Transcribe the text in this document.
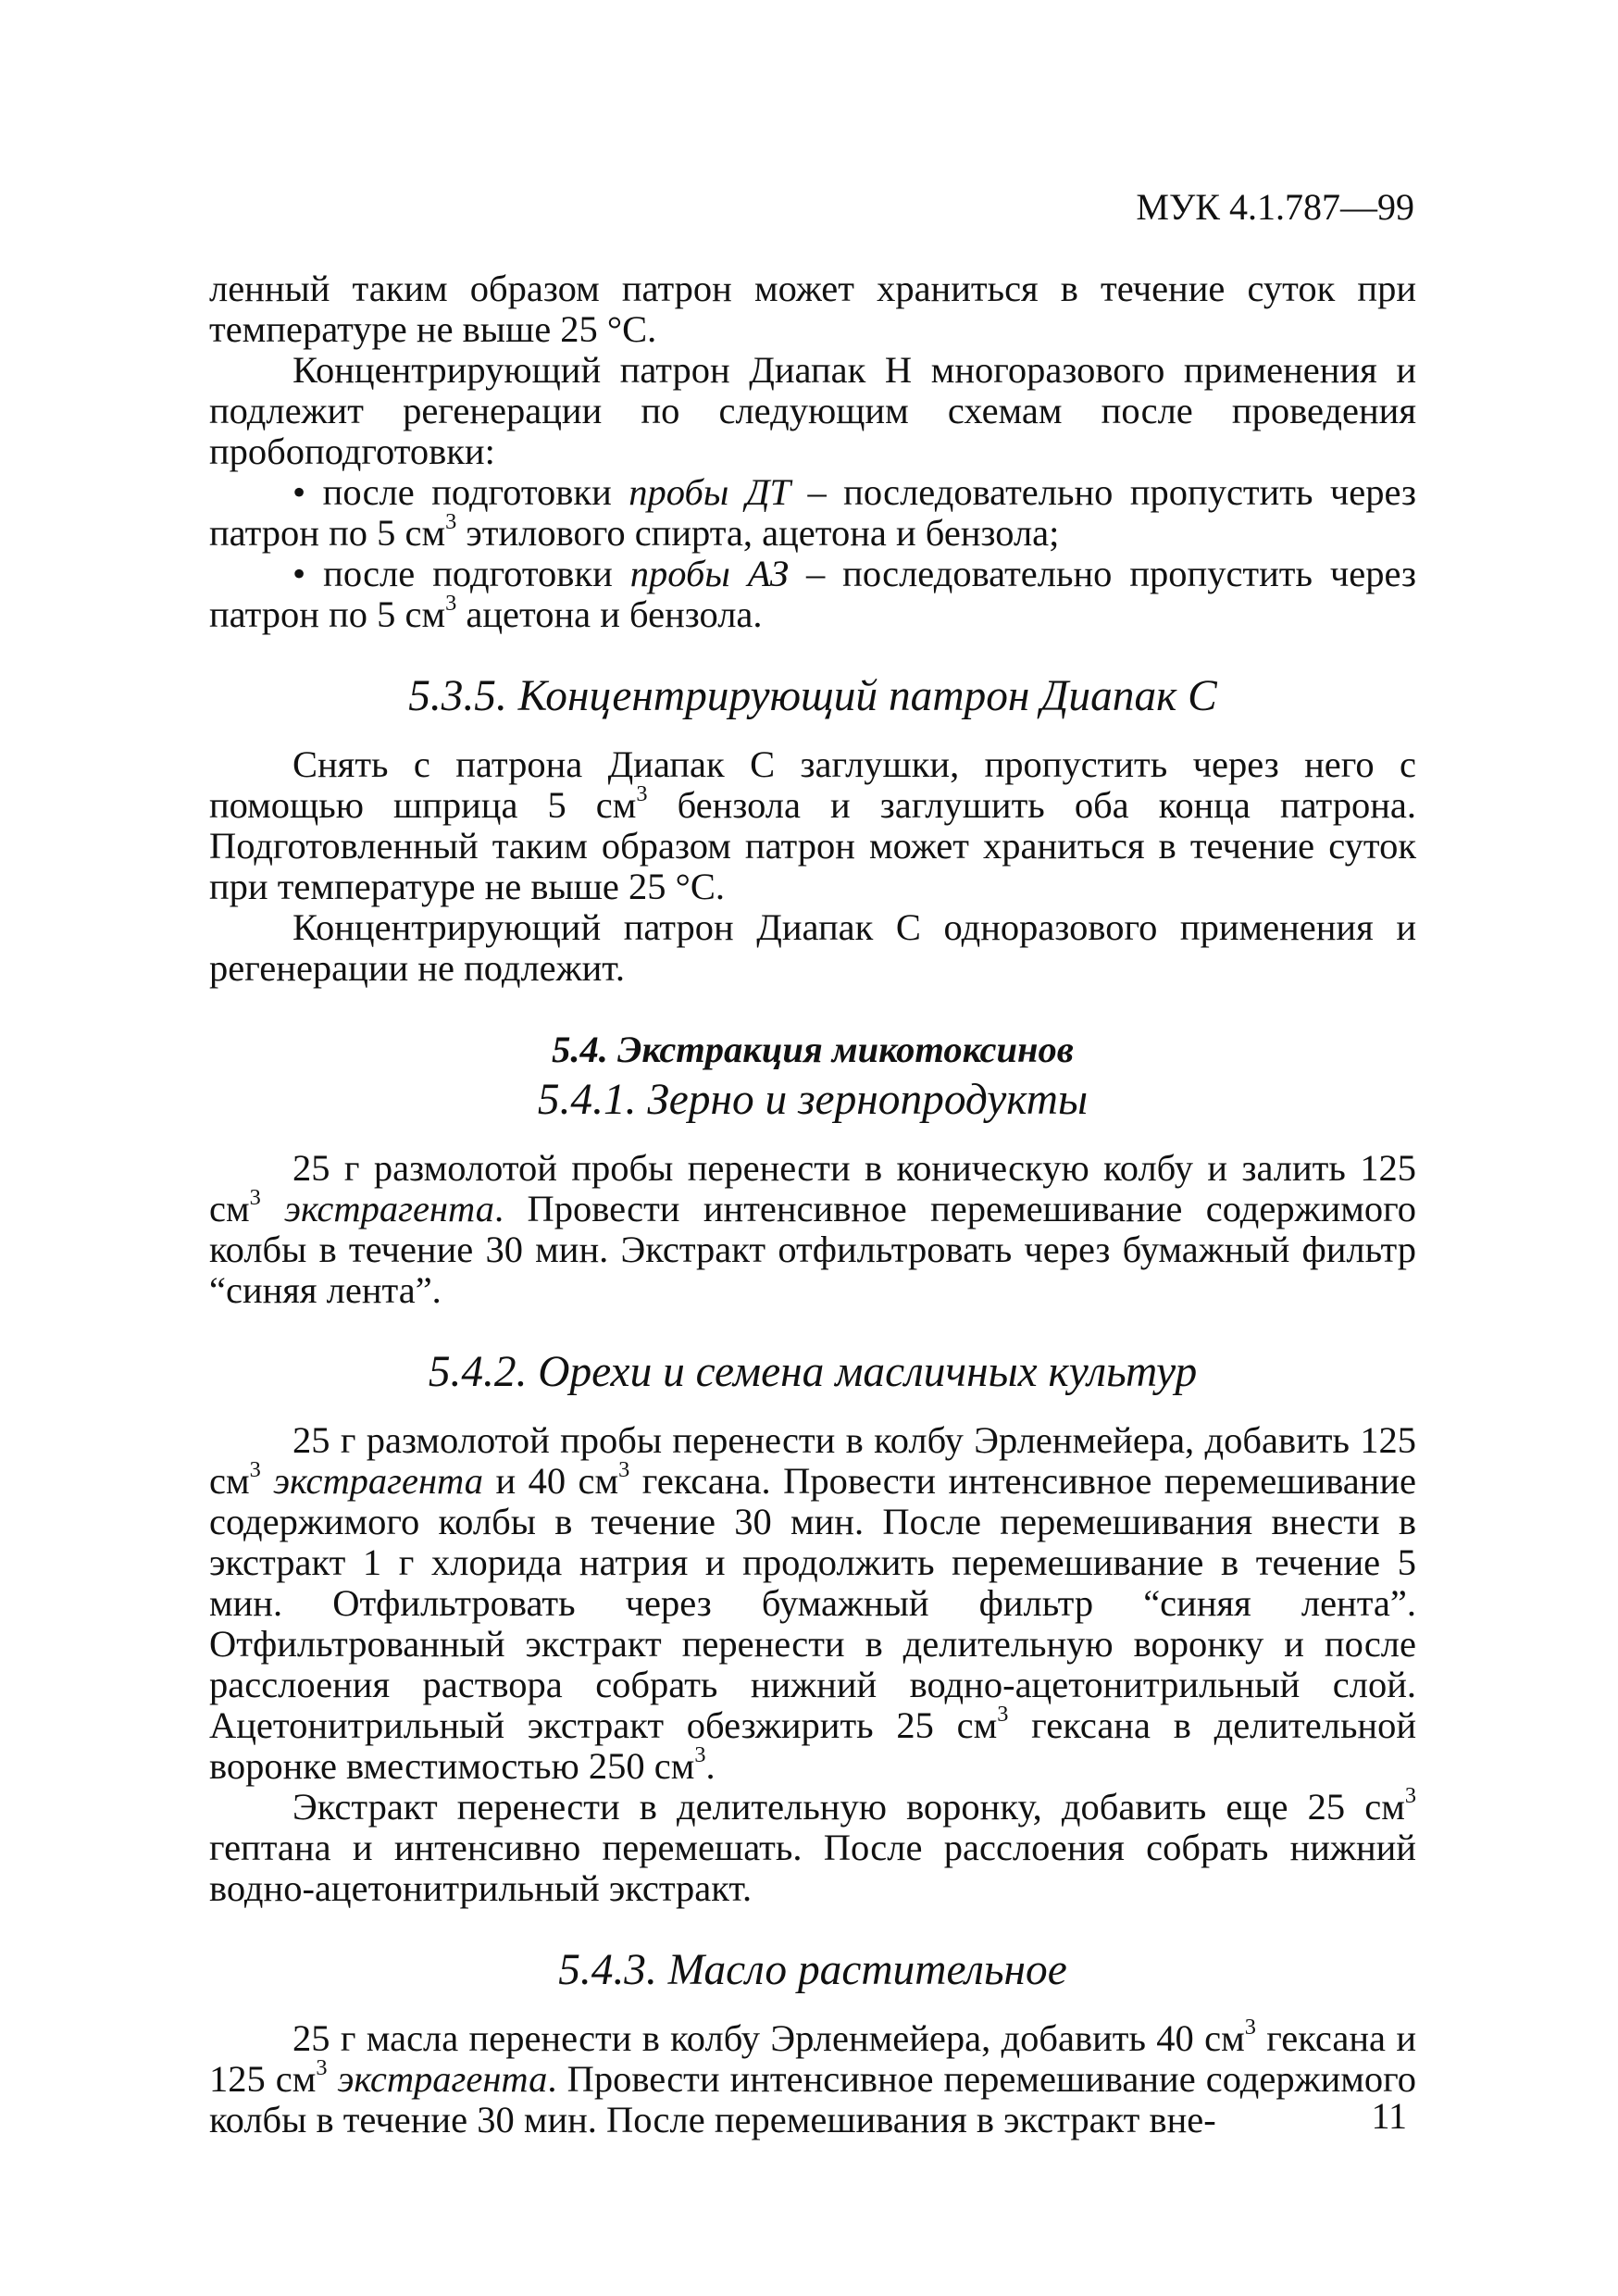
МУК 4.1.787—99

ленный таким образом патрон может храниться в течение суток при температуре не выше 25 °С.

Концентрирующий патрон Диапак Н многоразового применения и подлежит регенерации по следующим схемам после проведения пробоподготовки:

• после подготовки пробы ДТ – последовательно пропустить через патрон по 5 $см^3$ этилового спирта, ацетона и бензола;

• после подготовки пробы АЗ – последовательно пропустить через патрон по 5 $см^3$ ацетона и бензола.

5.3.5. Концентрирующий патрон Диапак С

Снять с патрона Диапак С заглушки, пропустить через него с помощью шприца 5 $см^3$ бензола и заглушить оба конца патрона. Подготовленный таким образом патрон может храниться в течение суток при температуре не выше 25 °С.

Концентрирующий патрон Диапак С одноразового применения и регенерации не подлежит.

5.4. Экстракция микотоксинов
5.4.1. Зерно и зернопродукты

25 г размолотой пробы перенести в коническую колбу и залить 125 $см^3$ экстрагента. Провести интенсивное перемешивание содержимого колбы в течение 30 мин. Экстракт отфильтровать через бумажный фильтр “синяя лента”.

5.4.2. Орехи и семена масличных культур

25 г размолотой пробы перенести в колбу Эрленмейера, добавить 125 $см^3$ экстрагента и 40 $см^3$ гексана. Провести интенсивное перемешивание содержимого колбы в течение 30 мин. После перемешивания внести в экстракт 1 г хлорида натрия и продолжить перемешивание в течение 5 мин. Отфильтровать через бумажный фильтр “синяя лента”. Отфильтрованный экстракт перенести в делительную воронку и после расслоения раствора собрать нижний водно-ацетонитрильный слой. Ацетонитрильный экстракт обезжирить 25 $см^3$ гексана в делительной воронке вместимостью 250 $см^3$.

Экстракт перенести в делительную воронку, добавить еще 25 $см^3$ гептана и интенсивно перемешать. После расслоения собрать нижний водно-ацетонитрильный экстракт.

5.4.3. Масло растительное

25 г масла перенести в колбу Эрленмейера, добавить 40 $см^3$ гексана и 125 $см^3$ экстрагента. Провести интенсивное перемешивание содержимого колбы в течение 30 мин. После перемешивания в экстракт вне-	11
